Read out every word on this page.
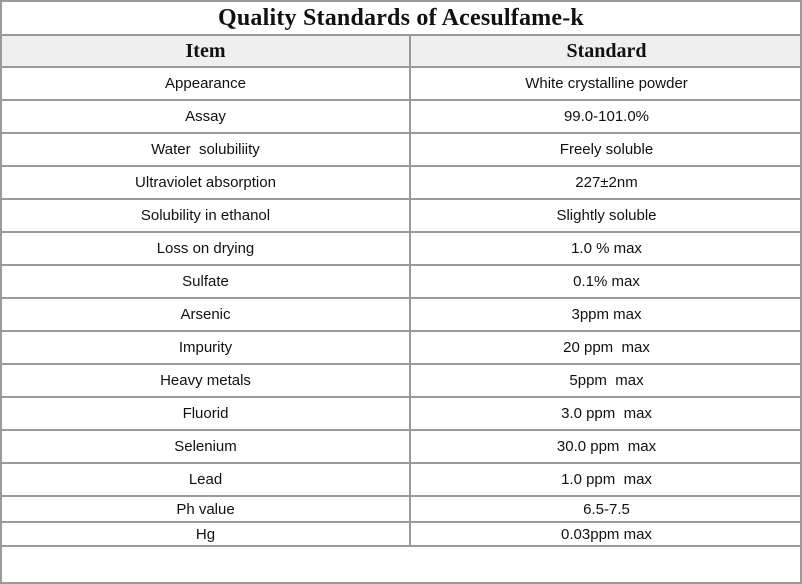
Quality Standards of Acesulfame-k
Item	Standard
Appearance	White crystalline powder
Assay	99.0-101.0%
Water  solubiliity	Freely soluble
Ultraviolet absorption	227±2nm
Solubility in ethanol	Slightly soluble
Loss on drying	1.0 % max
Sulfate	0.1% max
Arsenic	3ppm max
Impurity	20 ppm  max
Heavy metals	5ppm  max
Fluorid	3.0 ppm  max
Selenium	30.0 ppm  max
Lead	1.0 ppm  max
Ph value	6.5-7.5
Hg	0.03ppm max
